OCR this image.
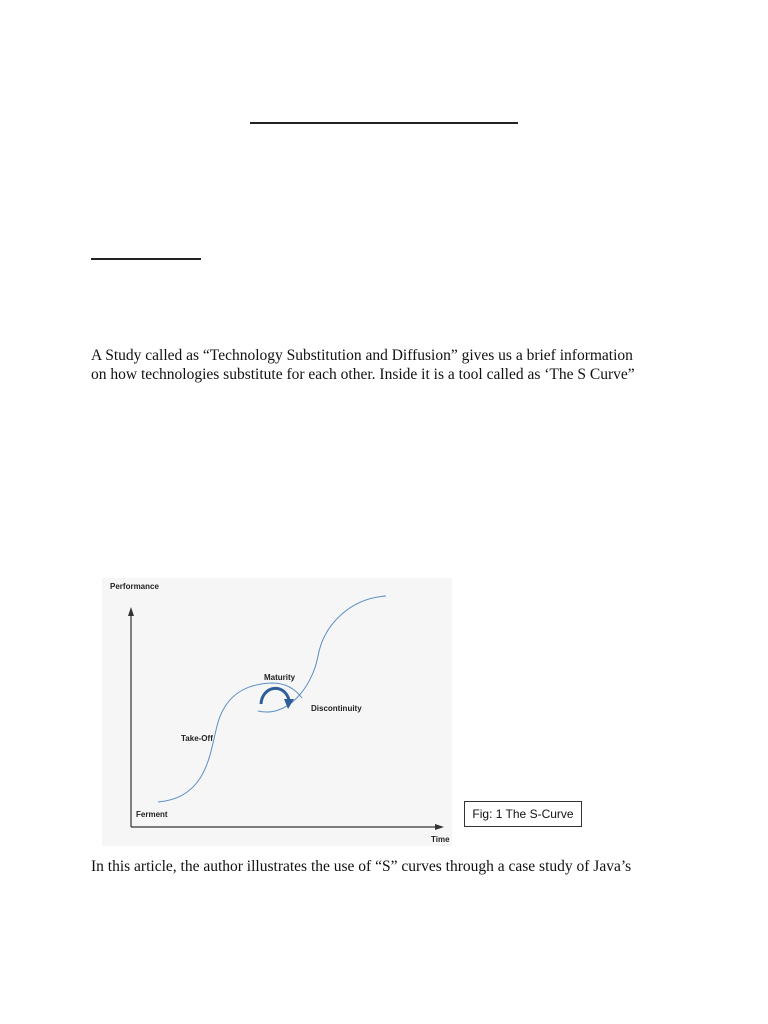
A Study called as “Technology Substitution and Diffusion” gives us a brief information
on how technologies substitute for each other. Inside it is a tool called as ‘The S Curve”
Performance
Time
Ferment
Take-Off
Maturity
Discontinuity
Fig: 1 The S-Curve
In this article, the author illustrates the use of “S” curves through a case study of Java’s
